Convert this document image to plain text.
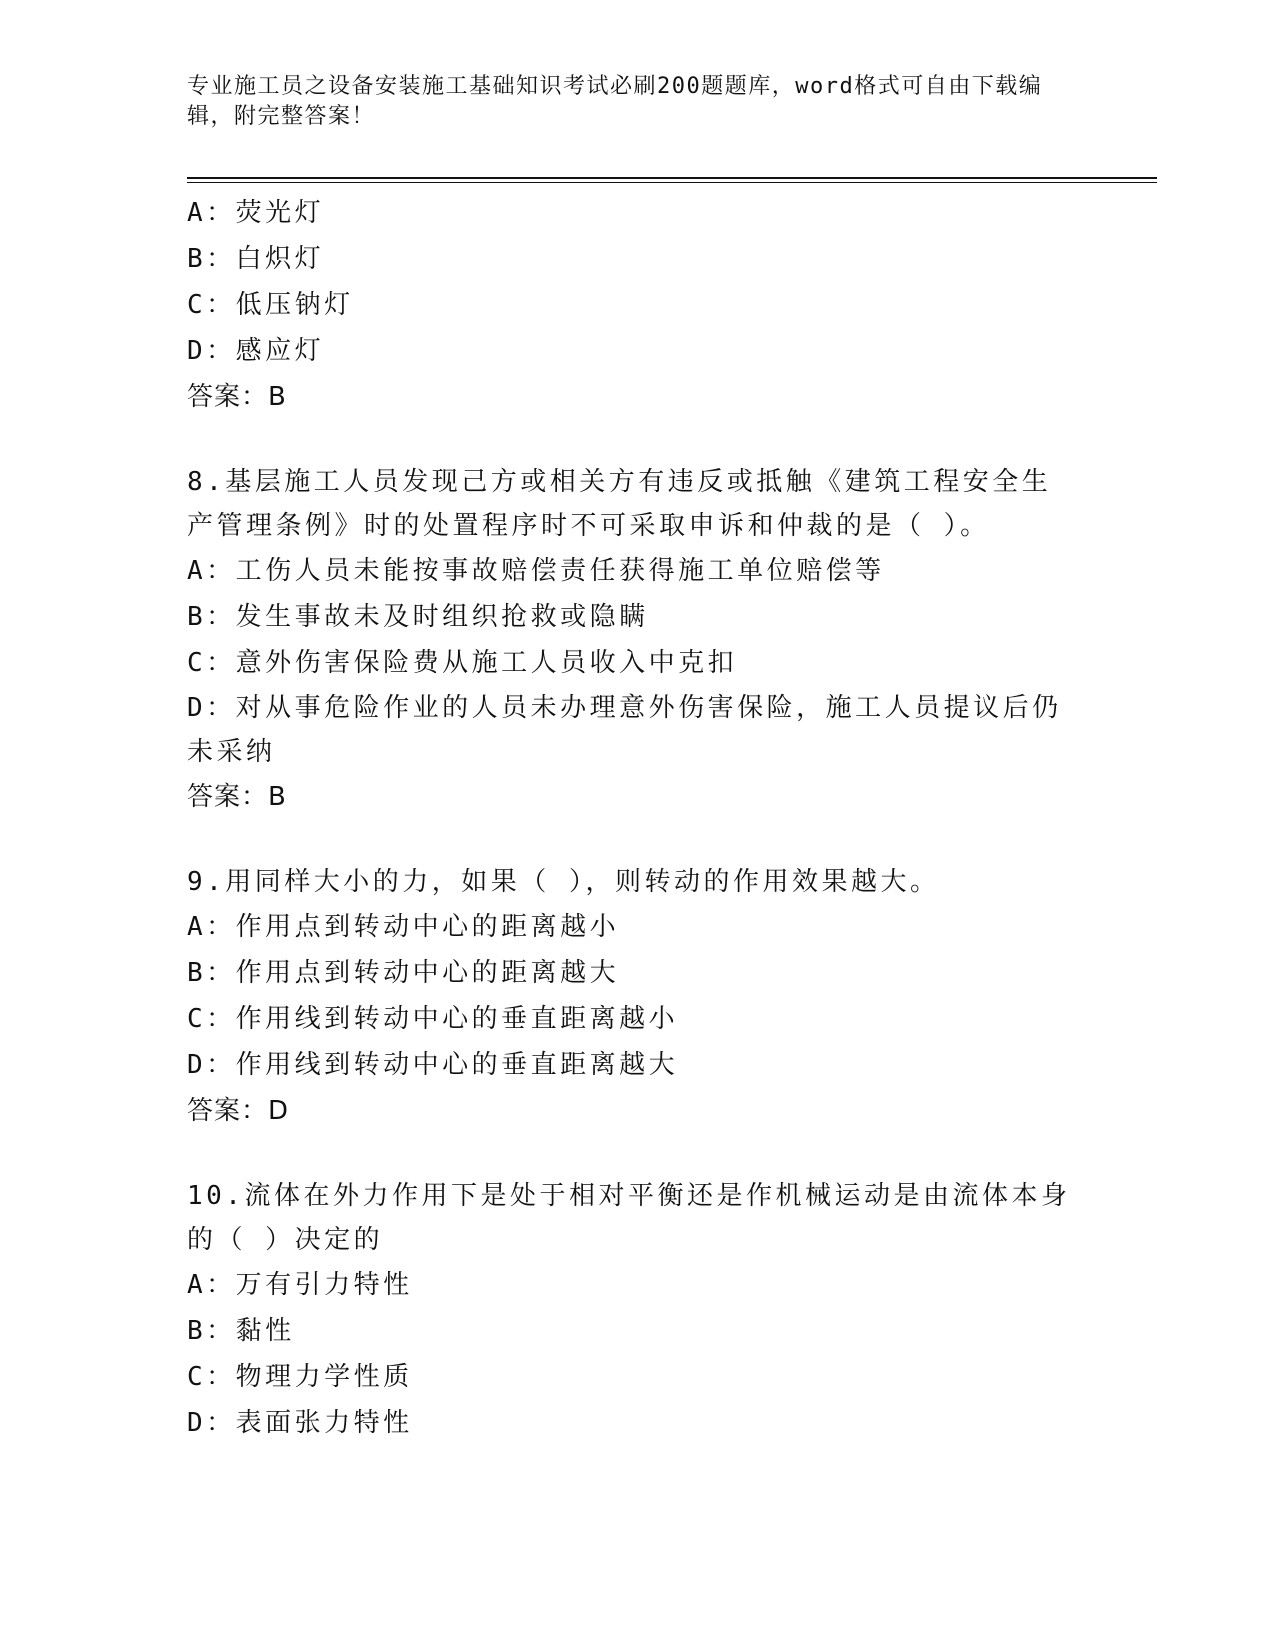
专业施工员之设备安装施工基础知识考试必刷200题题库，word格式可自由下载编辑，附完整答案！
A：荧光灯
B：白炽灯
C：低压钠灯
D：感应灯
答案：B
8.基层施工人员发现己方或相关方有违反或抵触《建筑工程安全生产管理条例》时的处置程序时不可采取申诉和仲裁的是（ ）。
A：工伤人员未能按事故赔偿责任获得施工单位赔偿等
B：发生事故未及时组织抢救或隐瞒
C：意外伤害保险费从施工人员收入中克扣
D：对从事危险作业的人员未办理意外伤害保险，施工人员提议后仍未采纳
答案：B
9.用同样大小的力，如果（ ），则转动的作用效果越大。
A：作用点到转动中心的距离越小
B：作用点到转动中心的距离越大
C：作用线到转动中心的垂直距离越小
D：作用线到转动中心的垂直距离越大
答案：D
10.流体在外力作用下是处于相对平衡还是作机械运动是由流体本身的（ ）决定的
A：万有引力特性
B：黏性
C：物理力学性质
D：表面张力特性
